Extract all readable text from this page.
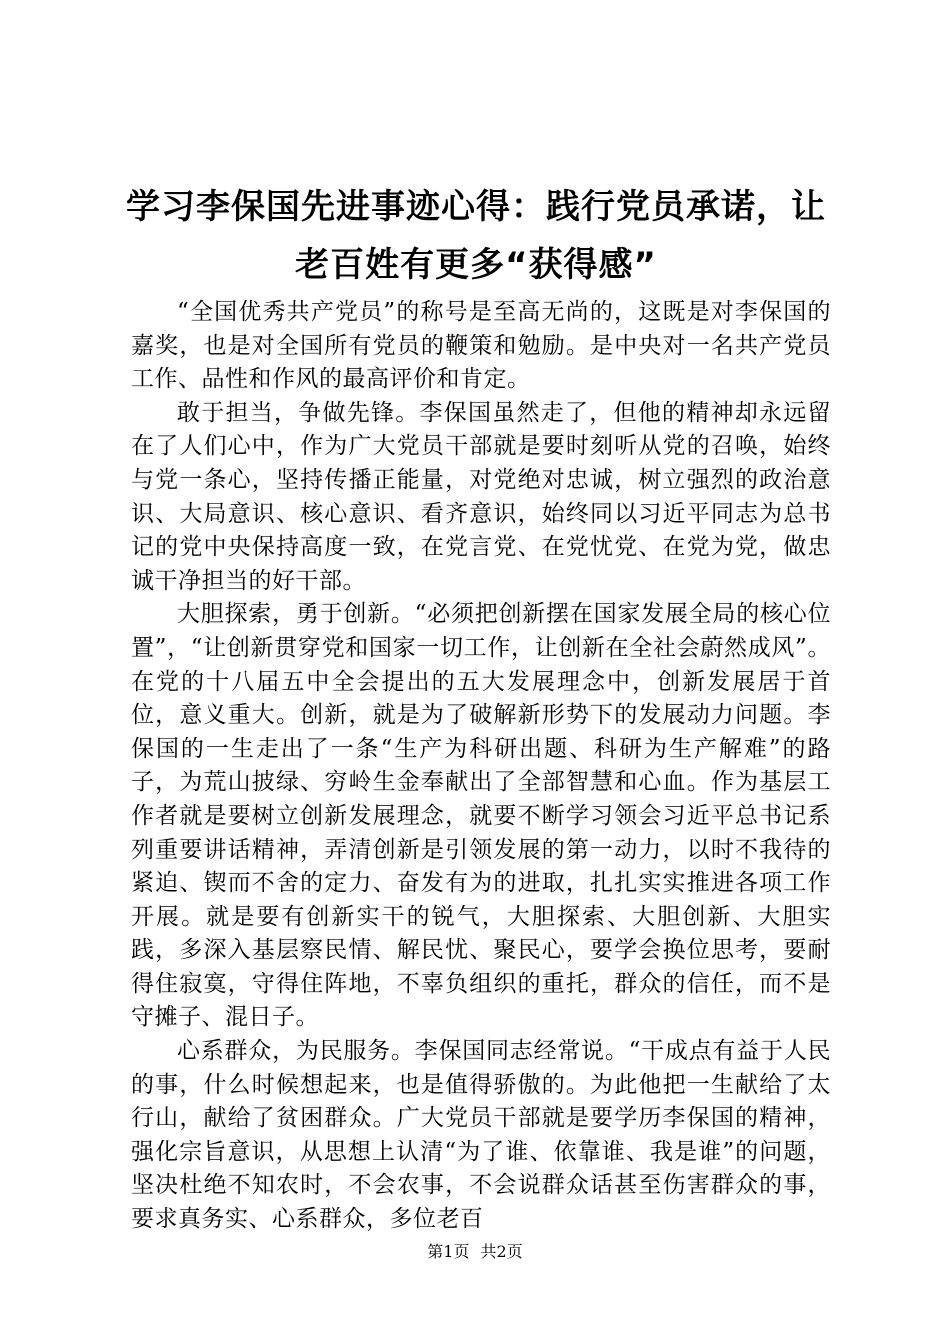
学习李保国先进事迹心得：践行党员承诺，让老百姓有更多“获得感”

“全国优秀共产党员”的称号是至高无尚的，这既是对李保国的嘉奖，也是对全国所有党员的鞭策和勉励。是中央对一名共产党员工作、品性和作风的最高评价和肯定。

敢于担当，争做先锋。李保国虽然走了，但他的精神却永远留在了人们心中，作为广大党员干部就是要时刻听从党的召唤，始终与党一条心，坚持传播正能量，对党绝对忠诚，树立强烈的政治意识、大局意识、核心意识、看齐意识，始终同以习近平同志为总书记的党中央保持高度一致，在党言党、在党忧党、在党为党，做忠诚干净担当的好干部。

大胆探索，勇于创新。“必须把创新摆在国家发展全局的核心位置”，“让创新贯穿党和国家一切工作，让创新在全社会蔚然成风”。在党的十八届五中全会提出的五大发展理念中，创新发展居于首位，意义重大。创新，就是为了破解新形势下的发展动力问题。李保国的一生走出了一条“生产为科研出题、科研为生产解难”的路子，为荒山披绿、穷岭生金奉献出了全部智慧和心血。作为基层工作者就是要树立创新发展理念，就要不断学习领会习近平总书记系列重要讲话精神，弄清创新是引领发展的第一动力，以时不我待的紧迫、锲而不舍的定力、奋发有为的进取，扎扎实实推进各项工作开展。就是要有创新实干的锐气，大胆探索、大胆创新、大胆实践，多深入基层察民情、解民忧、聚民心，要学会换位思考，要耐得住寂寞，守得住阵地，不辜负组织的重托，群众的信任，而不是守摊子、混日子。

心系群众，为民服务。李保国同志经常说。“干成点有益于人民的事，什么时候想起来，也是值得骄傲的。为此他把一生献给了太行山，献给了贫困群众。广大党员干部就是要学历李保国的精神，强化宗旨意识，从思想上认清“为了谁、依靠谁、我是谁”的问题，坚决杜绝不知农时，不会农事，不会说群众话甚至伤害群众的事，要求真务实、心系群众，多位老百

第1页 共2页
